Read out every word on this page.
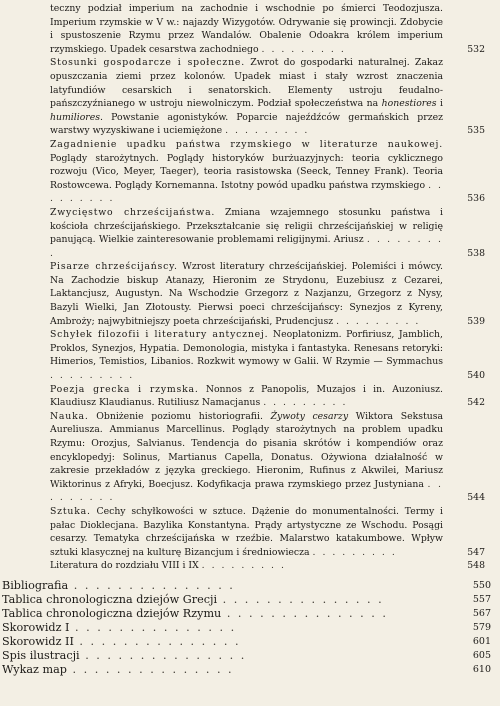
teczny podział imperium na zachodnie i wschodnie po śmierci Teodozjusza. Imperium rzymskie w V w.: najazdy Wizygotów. Odrywanie się prowincji. Zdobycie i spustoszenie Rzymu przez Wandalów. Obalenie Odoakra królem imperium rzymskiego. Upadek cesarstwa zachodniego . . . . . . . . .	532
Stosunki gospodarcze i społeczne. Zwrot do gospodarki naturalnej. Zakaz opuszczania ziemi przez kolonów. Upadek miast i stały wzrost znaczenia latyfundiów cesarskich i senatorskich. Elementy ustroju feudalno-pańszczyźnianego w ustroju niewolniczym. Podział społeczeństwa na honestiores i humiliores. Powstanie agonistyków. Poparcie najeźdźców germańskich przez warstwy wyzyskiwane i uciemiężone . . . . . . . . .	535
Zagadnienie upadku państwa rzymskiego w literaturze naukowej. Poglądy starożytnych. Poglądy historyków burżuazyjnych: teoria cyklicznego rozwoju (Vico, Meyer, Taeger), teoria rasistowska (Seeck, Tenney Frank). Teoria Rostowcewa. Poglądy Kornemanna. Istotny powód upadku państwa rzymskiego . . . . . . . . .	536
Zwycięstwo chrześcijaństwa. Zmiana wzajemnego stosunku państwa i kościoła chrześcijańskiego. Przekształcanie się religii chrześcijańskiej w religię panującą. Wielkie zainteresowanie problemami religijnymi. Ariusz . . . . . . . . .	538
Pisarze chrześcijańscy. Wzrost literatury chrześcijańskiej. Polemiści i mówcy. Na Zachodzie biskup Atanazy, Hieronim ze Strydonu, Euzebiusz z Cezarei, Laktancjusz, Augustyn. Na Wschodzie Grzegorz z Nazjanzu, Grzegorz z Nysy, Bazyli Wielki, Jan Złotousty. Pierwsi poeci chrześcijańscy: Synezjos z Kyreny, Ambroży; najwybitniejszy poeta chrześcijański, Prudencjusz . . . . . . . . .	539
Schyłek filozofii i literatury antycznej. Neoplatonizm. Porfiriusz, Jamblich, Proklos, Synezjos, Hypatia. Demonologia, mistyka i fantastyka. Renesans retoryki: Himerios, Temistios, Libanios. Rozkwit wymowy w Galii. W Rzymie — Symmachus . . . . . . . . .	540
Poezja grecka i rzymska. Nonnos z Panopolis, Muzajos i in. Auzoniusz. Klaudiusz Klaudianus. Rutiliusz Namacjanus . . . . . . . . .	542
Nauka. Obniżenie poziomu historiografii. Żywoty cesarzy Wiktora Sekstusa Aureliusza. Ammianus Marcellinus. Poglądy starożytnych na problem upadku Rzymu: Orozjus, Salvianus. Tendencja do pisania skrótów i kompendiów oraz encyklopedyj: Solinus, Martianus Capella, Donatus. Ożywiona działalność w zakresie przekładów z języka greckiego. Hieronim, Rufinus z Akwilei, Mariusz Wiktorinus z Afryki, Boecjusz. Kodyfikacja prawa rzymskiego przez Justyniana . . . . . . . . .	544
Sztuka. Cechy schyłkowości w sztuce. Dążenie do monumentalności. Termy i pałac Dioklecjana. Bazylika Konstantyna. Prądy artystyczne ze Wschodu. Posągi cesarzy. Tematyka chrześcijańska w rzeźbie. Malarstwo katakumbowe. Wpływ sztuki klasycznej na kulturę Bizancjum i średniowiecza . . . . . . . . .	547
Literatura do rozdziału VIII i IX . . . . . . . . .	548
Bibliografia . . . . . . . . . . . . . . .	550
Tablica chronologiczna dziejów Grecji . . . . . . . . . . . . . . .	557
Tablica chronologiczna dziejów Rzymu . . . . . . . . . . . . . . .	567
Skorowidz I . . . . . . . . . . . . . . .	579
Skorowidz II . . . . . . . . . . . . . . .	601
Spis ilustracji . . . . . . . . . . . . . . .	605
Wykaz map . . . . . . . . . . . . . . .	610
